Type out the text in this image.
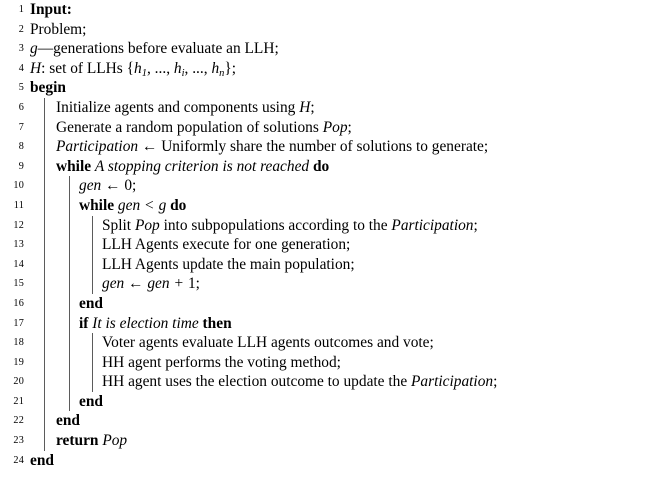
1 Input:
2 Problem;
3 g—generations before evaluate an LLH;
4 H: set of LLHs {$h_1$, ..., $h_i$, ..., hn};
5 begin
6 Initialize agents and components using H;
7 Generate a random population of solutions Pop;
8 Participation ← Uniformly share the number of solutions to generate;
9 while A stopping criterion is not reached do
10	gen ← 0;
11	while gen < g do
12	Split Pop into subpopulations according to the Participation;
13	LLH Agents execute for one generation;
14	LLH Agents update the main population;
15	gen ← gen + 1;
16	end
17	if It is election time then
18	Voter agents evaluate LLH agents outcomes and vote;
19	HH agent performs the voting method;
20	HH agent uses the election outcome to update the Participation;
21	end
22 end
23 return Pop
24 end
